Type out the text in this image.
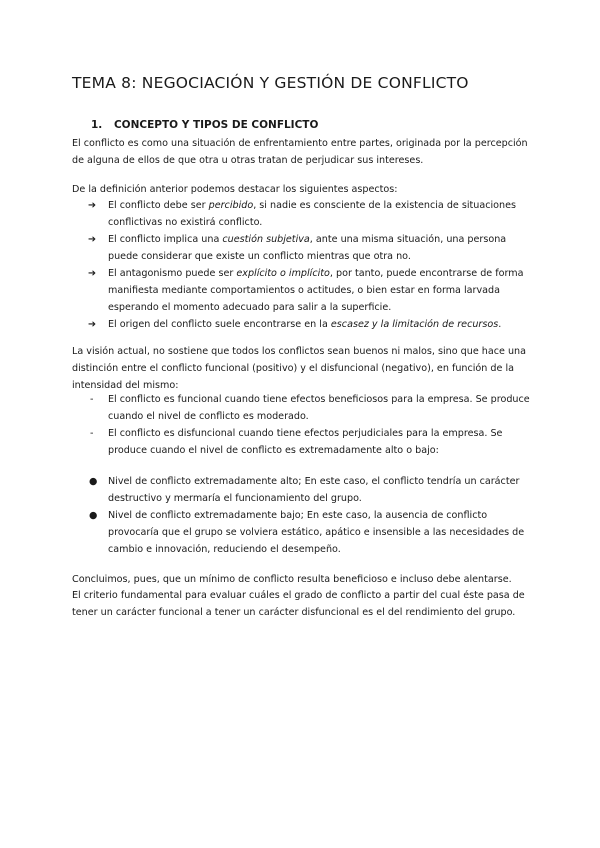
TEMA 8: NEGOCIACIÓN Y GESTIÓN DE CONFLICTO
1. CONCEPTO Y TIPOS DE CONFLICTO

El conflicto es como una situación de enfrentamiento entre partes, originada por la percepción de alguna de ellos de que otra u otras tratan de perjudicar sus intereses.

De la definición anterior podemos destacar los siguientes aspectos:

➔	El conflicto debe ser percibido, si nadie es consciente de la existencia de situaciones conflictivas no existirá conflicto.
➔	El conflicto implica una cuestión subjetiva, ante una misma situación, una persona puede considerar que existe un conflicto mientras que otra no.
➔	El antagonismo puede ser explícito o implícito, por tanto, puede encontrarse de forma manifiesta mediante comportamientos o actitudes, o bien estar en forma larvada esperando el momento adecuado para salir a la superficie.
➔	El origen del conflicto suele encontrarse en la escasez y la limitación de recursos.

La visión actual, no sostiene que todos los conflictos sean buenos ni malos, sino que hace una distinción entre el conflicto funcional (positivo) y el disfuncional (negativo), en función de la intensidad del mismo:

-	El conflicto es funcional cuando tiene efectos beneficiosos para la empresa. Se produce cuando el nivel de conflicto es moderado.
-	El conflicto es disfuncional cuando tiene efectos perjudiciales para la empresa. Se produce cuando el nivel de conflicto es extremadamente alto o bajo:
●	Nivel de conflicto extremadamente alto; En este caso, el conflicto tendría un carácter destructivo y mermaría el funcionamiento del grupo.
●	Nivel de conflicto extremadamente bajo; En este caso, la ausencia de conflicto provocaría que el grupo se volviera estático, apático e insensible a las necesidades de cambio e innovación, reduciendo el desempeño.

Concluimos, pues, que un mínimo de conflicto resulta beneficioso e incluso debe alentarse.

El criterio fundamental para evaluar cuáles el grado de conflicto a partir del cual éste pasa de tener un carácter funcional a tener un carácter disfuncional es el del rendimiento del grupo.
